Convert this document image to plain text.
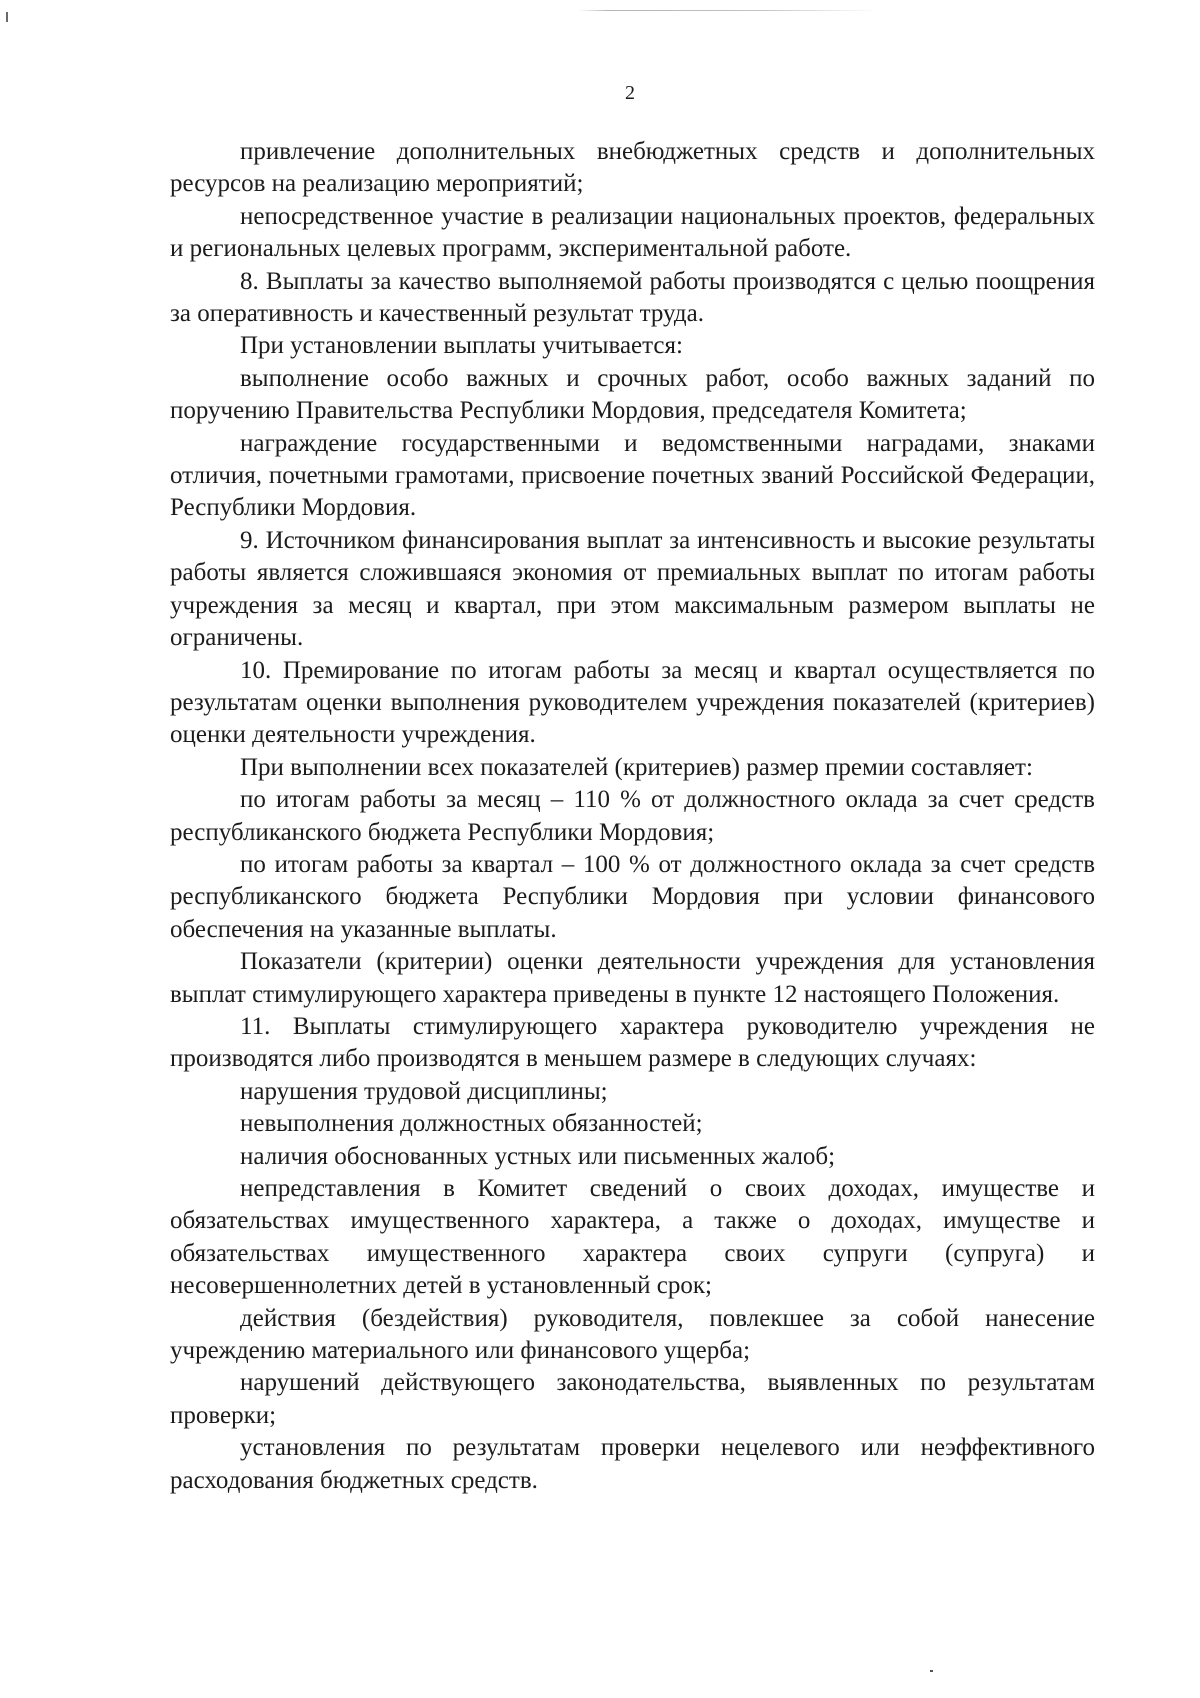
2

привлечение дополнительных внебюджетных средств и дополнительных ресурсов на реализацию мероприятий;

непосредственное участие в реализации национальных проектов, федеральных и региональных целевых программ, экспериментальной работе.

8. Выплаты за качество выполняемой работы производятся с целью поощрения за оперативность и качественный результат труда.

При установлении выплаты учитывается:

выполнение особо важных и срочных работ, особо важных заданий по поручению Правительства Республики Мордовия, председателя Комитета;

награждение государственными и ведомственными наградами, знаками отличия, почетными грамотами, присвоение почетных званий Российской Федерации, Республики Мордовия.

9. Источником финансирования выплат за интенсивность и высокие результаты работы является сложившаяся экономия от премиальных выплат по итогам работы учреждения за месяц и квартал, при этом максимальным размером выплаты не ограничены.

10. Премирование по итогам работы за месяц и квартал осуществляется по результатам оценки выполнения руководителем учреждения показателей (критериев) оценки деятельности учреждения.

При выполнении всех показателей (критериев) размер премии составляет:

по итогам работы за месяц – 110 % от должностного оклада за счет средств республиканского бюджета Республики Мордовия;

по итогам работы за квартал – 100 % от должностного оклада за счет средств республиканского бюджета Республики Мордовия при условии финансового обеспечения на указанные выплаты.

Показатели (критерии) оценки деятельности учреждения для установления выплат стимулирующего характера приведены в пункте 12 настоящего Положения.

11. Выплаты стимулирующего характера руководителю учреждения не производятся либо производятся в меньшем размере в следующих случаях:

нарушения трудовой дисциплины;

невыполнения должностных обязанностей;

наличия обоснованных устных или письменных жалоб;

непредставления в Комитет сведений о своих доходах, имуществе и обязательствах имущественного характера, а также о доходах, имуществе и обязательствах имущественного характера своих супруги (супруга) и несовершеннолетних детей в установленный срок;

действия (бездействия) руководителя, повлекшее за собой нанесение учреждению материального или финансового ущерба;

нарушений действующего законодательства, выявленных по результатам проверки;

установления по результатам проверки нецелевого или неэффективного расходования бюджетных средств.
